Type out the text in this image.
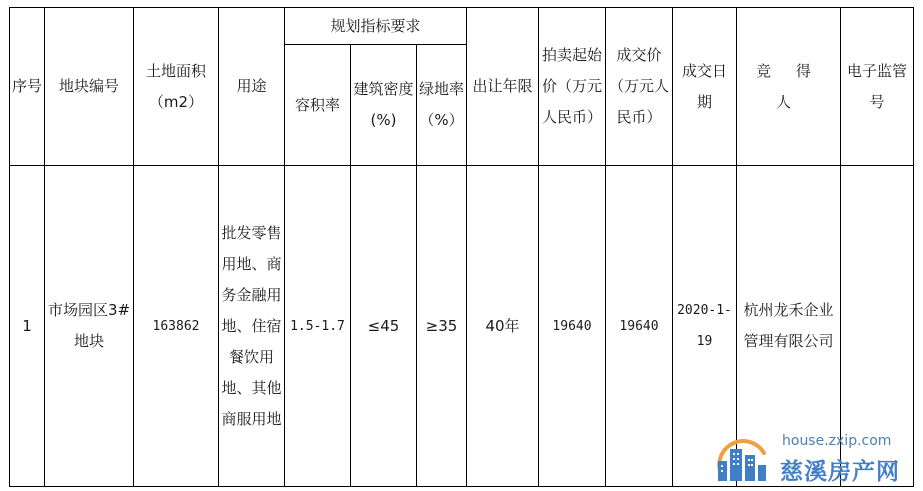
序号	地块编号	土地面积（m2）	用途	规划指标要求			出让年限	拍卖起始价（万元人民币）	成交价（万元人民币）	成交日期	竞 得 人	电子监管号

				容积率	建筑密度(%)	绿地率（%）						

1	市场园区3#地块	163862	批发零售用地、商务金融用地、住宿餐饮用地、其他商服用地	1.5-1.7	≤45	≥35	40年	19640	19640	2020-1-19	杭州龙禾企业管理有限公司	

house.zxip.com
慈溪房产网
